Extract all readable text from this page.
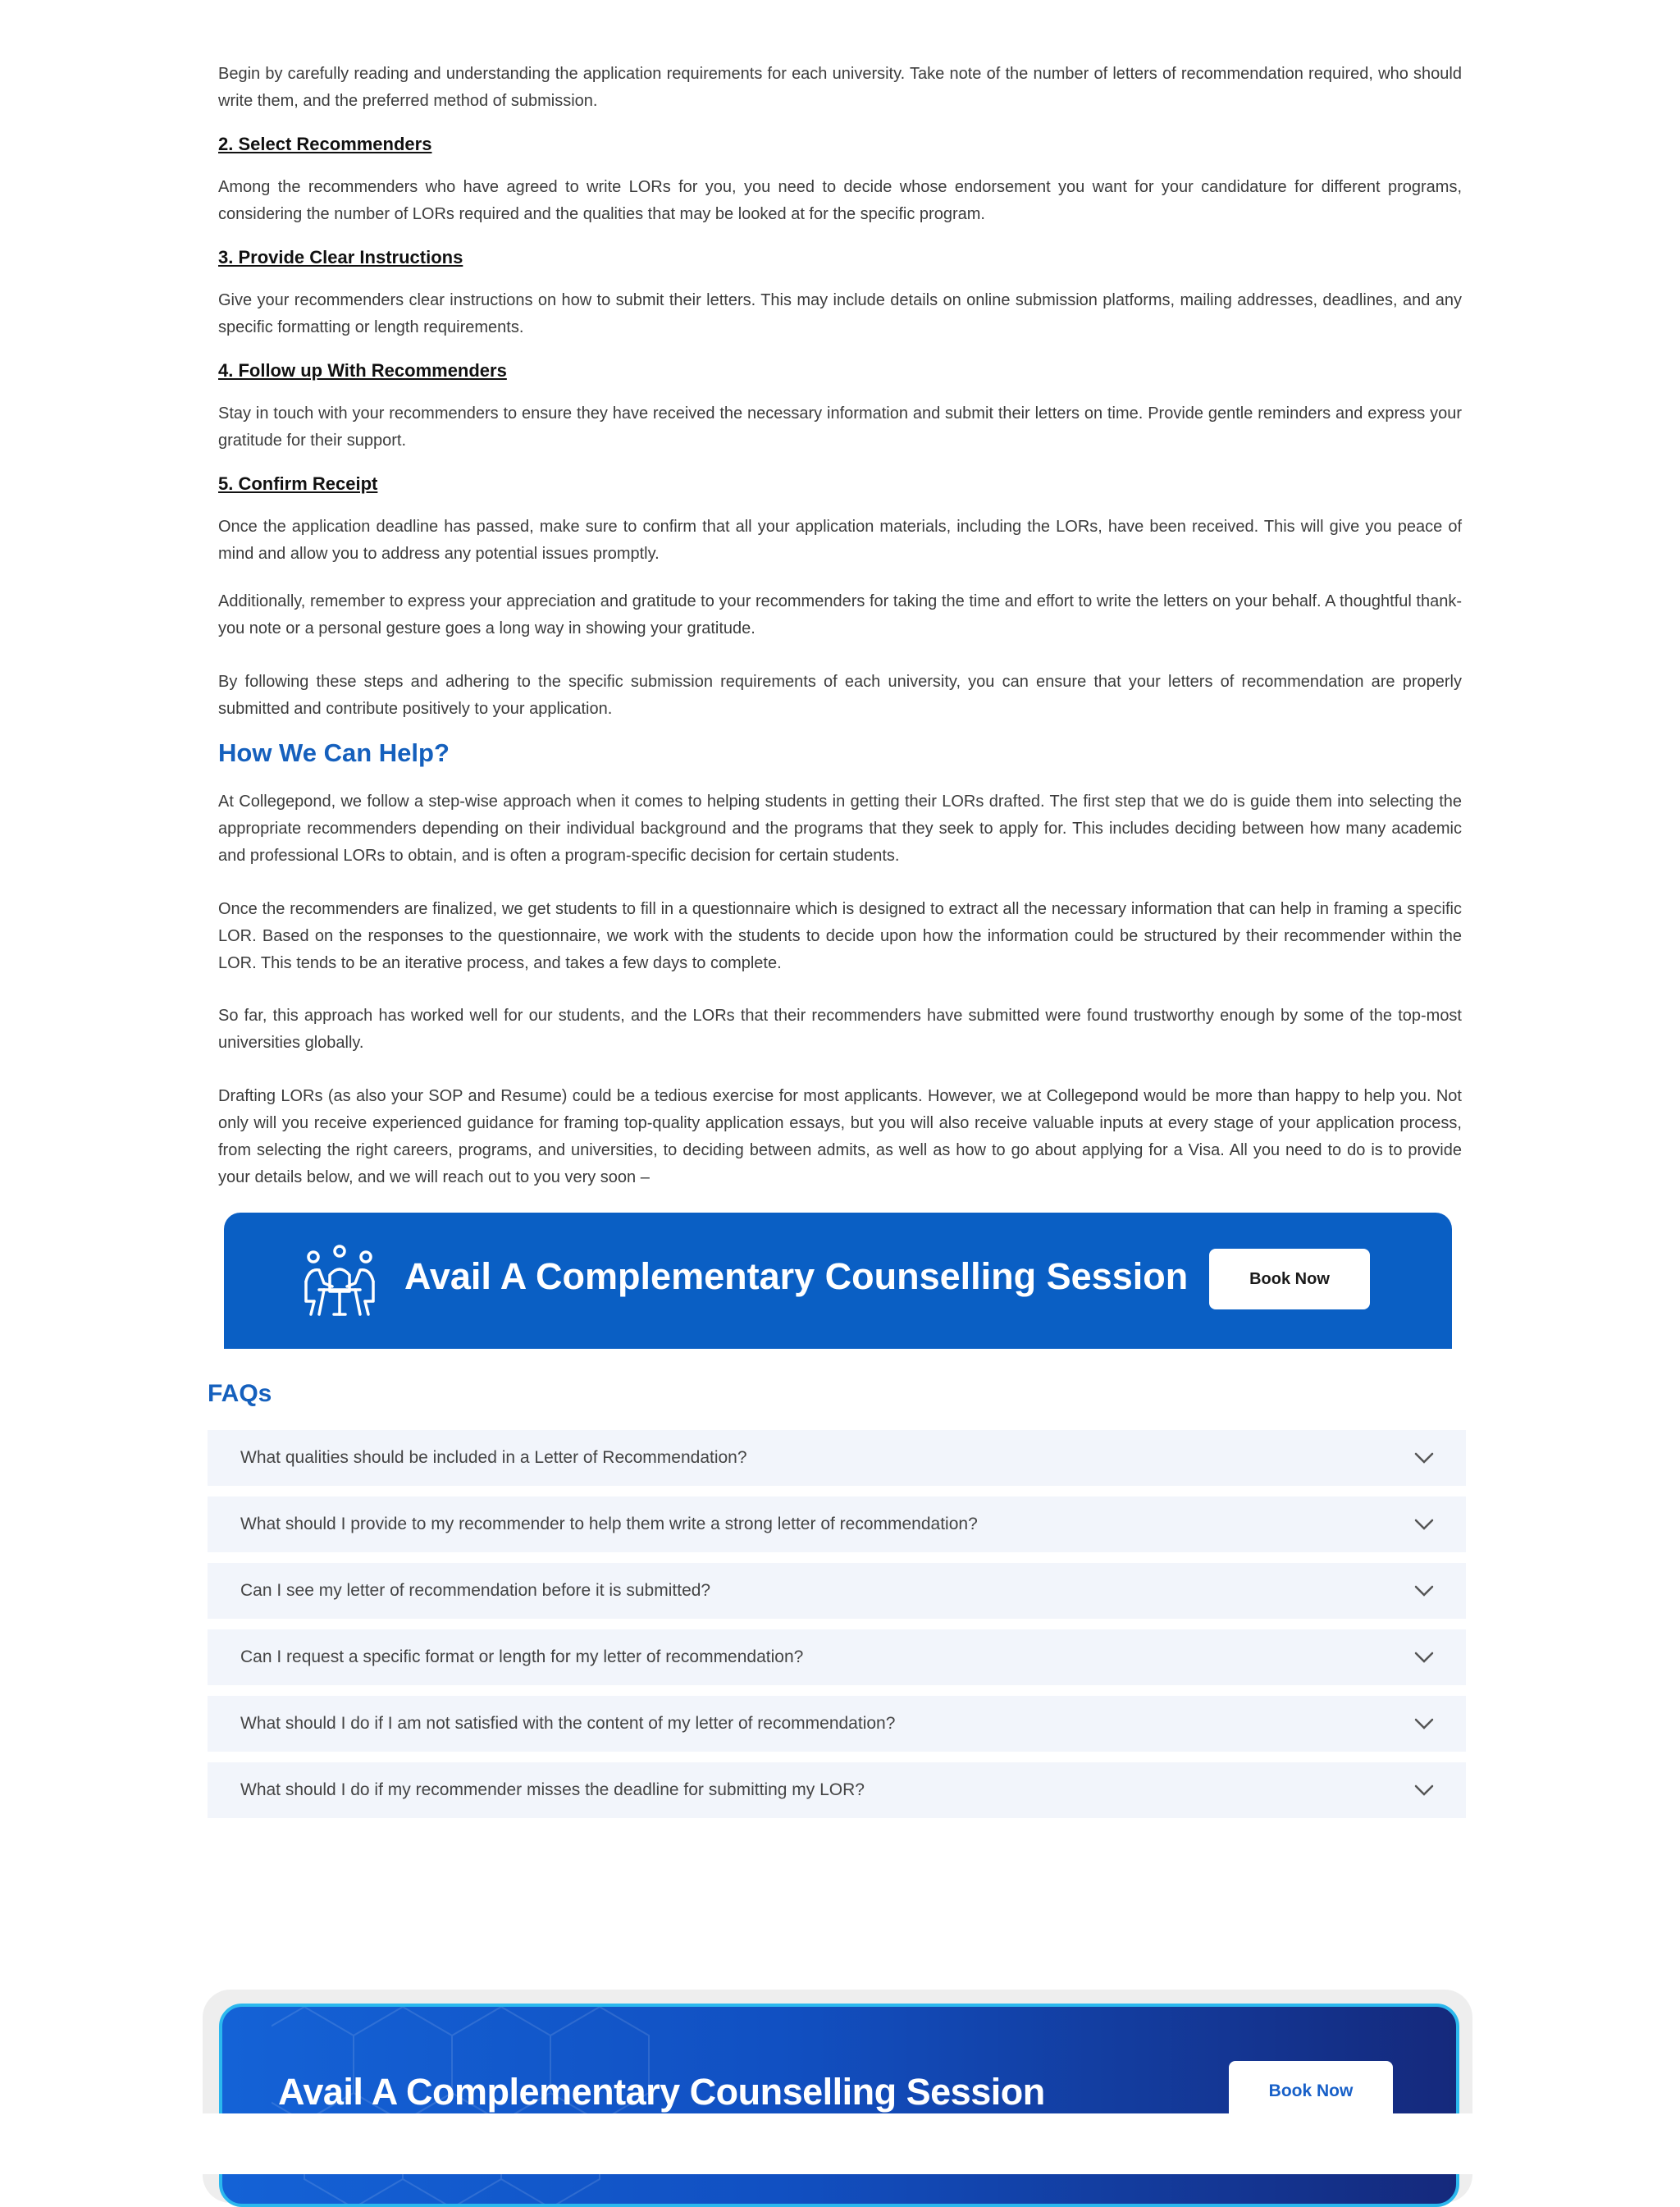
Begin by carefully reading and understanding the application requirements for each university. Take note of the number of letters of recommendation required, who should write them, and the preferred method of submission.

2. Select Recommenders

Among the recommenders who have agreed to write LORs for you, you need to decide whose endorsement you want for your candidature for different programs, considering the number of LORs required and the qualities that may be looked at for the specific program.

3. Provide Clear Instructions

Give your recommenders clear instructions on how to submit their letters. This may include details on online submission platforms, mailing addresses, deadlines, and any specific formatting or length requirements.

4. Follow up With Recommenders

Stay in touch with your recommenders to ensure they have received the necessary information and submit their letters on time. Provide gentle reminders and express your gratitude for their support.

5. Confirm Receipt

Once the application deadline has passed, make sure to confirm that all your application materials, including the LORs, have been received. This will give you peace of mind and allow you to address any potential issues promptly.

Additionally, remember to express your appreciation and gratitude to your recommenders for taking the time and effort to write the letters on your behalf. A thoughtful thank-you note or a personal gesture goes a long way in showing your gratitude.

By following these steps and adhering to the specific submission requirements of each university, you can ensure that your letters of recommendation are properly submitted and contribute positively to your application.

How We Can Help?

At Collegepond, we follow a step-wise approach when it comes to helping students in getting their LORs drafted. The first step that we do is guide them into selecting the appropriate recommenders depending on their individual background and the programs that they seek to apply for. This includes deciding between how many academic and professional LORs to obtain, and is often a program-specific decision for certain students.

Once the recommenders are finalized, we get students to fill in a questionnaire which is designed to extract all the necessary information that can help in framing a specific LOR. Based on the responses to the questionnaire, we work with the students to decide upon how the information could be structured by their recommender within the LOR. This tends to be an iterative process, and takes a few days to complete.

So far, this approach has worked well for our students, and the LORs that their recommenders have submitted were found trustworthy enough by some of the top-most universities globally.

Drafting LORs (as also your SOP and Resume) could be a tedious exercise for most applicants. However, we at Collegepond would be more than happy to help you. Not only will you receive experienced guidance for framing top-quality application essays, but you will also receive valuable inputs at every stage of your application process, from selecting the right careers, programs, and universities, to deciding between admits, as well as how to go about applying for a Visa. All you need to do is to provide your details below, and we will reach out to you very soon –

Avail A Complementary Counselling Session	Book Now
FAQs
What qualities should be included in a Letter of Recommendation?
What should I provide to my recommender to help them write a strong letter of recommendation?
Can I see my letter of recommendation before it is submitted?
Can I request a specific format or length for my letter of recommendation?
What should I do if I am not satisfied with the content of my letter of recommendation?
What should I do if my recommender misses the deadline for submitting my LOR?
Avail A Complementary Counselling Session	Book Now
